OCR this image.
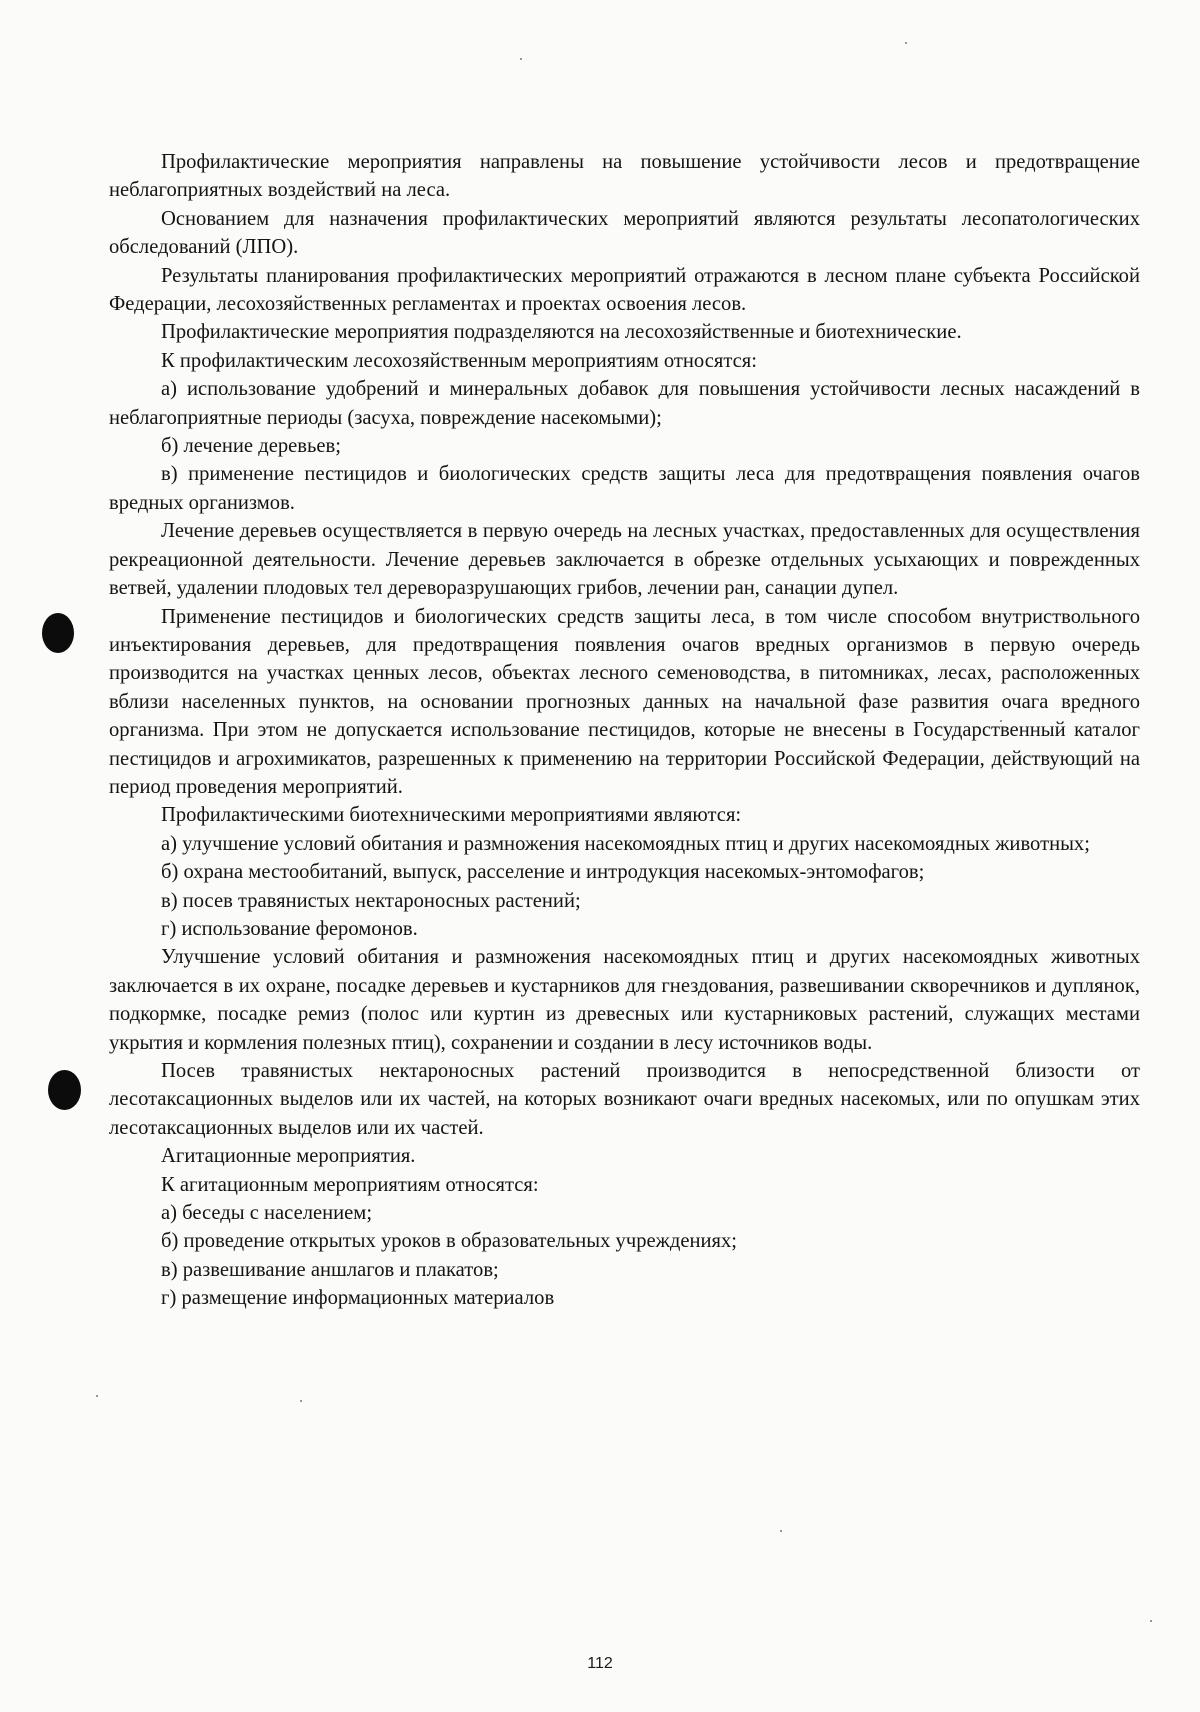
Профилактические мероприятия направлены на повышение устойчивости лесов и предотвращение неблагоприятных воздействий на леса.

Основанием для назначения профилактических мероприятий являются результаты лесопатологических обследований (ЛПО).

Результаты планирования профилактических мероприятий отражаются в лесном плане субъекта Российской Федерации, лесохозяйственных регламентах и проектах освоения лесов.

Профилактические мероприятия подразделяются на лесохозяйственные и биотехнические.

К профилактическим лесохозяйственным мероприятиям относятся:

а) использование удобрений и минеральных добавок для повышения устойчивости лесных насаждений в неблагоприятные периоды (засуха, повреждение насекомыми);

б) лечение деревьев;

в) применение пестицидов и биологических средств защиты леса для предотвращения появления очагов вредных организмов.

Лечение деревьев осуществляется в первую очередь на лесных участках, предоставленных для осуществления рекреационной деятельности. Лечение деревьев заключается в обрезке отдельных усыхающих и поврежденных ветвей, удалении плодовых тел дереворазрушающих грибов, лечении ран, санации дупел.

Применение пестицидов и биологических средств защиты леса, в том числе способом внутриствольного инъектирования деревьев, для предотвращения появления очагов вредных организмов в первую очередь производится на участках ценных лесов, объектах лесного семеноводства, в питомниках, лесах, расположенных вблизи населенных пунктов, на основании прогнозных данных на начальной фазе развития очага вредного организма. При этом не допускается использование пестицидов, которые не внесены в Государственный каталог пестицидов и агрохимикатов, разрешенных к применению на территории Российской Федерации, действующий на период проведения мероприятий.

Профилактическими биотехническими мероприятиями являются:

а) улучшение условий обитания и размножения насекомоядных птиц и других насекомоядных животных;

б) охрана местообитаний, выпуск, расселение и интродукция насекомых-энтомофагов;

в) посев травянистых нектароносных растений;

г) использование феромонов.

Улучшение условий обитания и размножения насекомоядных птиц и других насекомоядных животных заключается в их охране, посадке деревьев и кустарников для гнездования, развешивании скворечников и дуплянок, подкормке, посадке ремиз (полос или куртин из древесных или кустарниковых растений, служащих местами укрытия и кормления полезных птиц), сохранении и создании в лесу источников воды.

Посев травянистых нектароносных растений производится в непосредственной близости от лесотаксационных выделов или их частей, на которых возникают очаги вредных насекомых, или по опушкам этих лесотаксационных выделов или их частей.

Агитационные мероприятия.

К агитационным мероприятиям относятся:

а) беседы с населением;

б) проведение открытых уроков в образовательных учреждениях;

в) развешивание аншлагов и плакатов;

г) размещение информационных материалов

112
